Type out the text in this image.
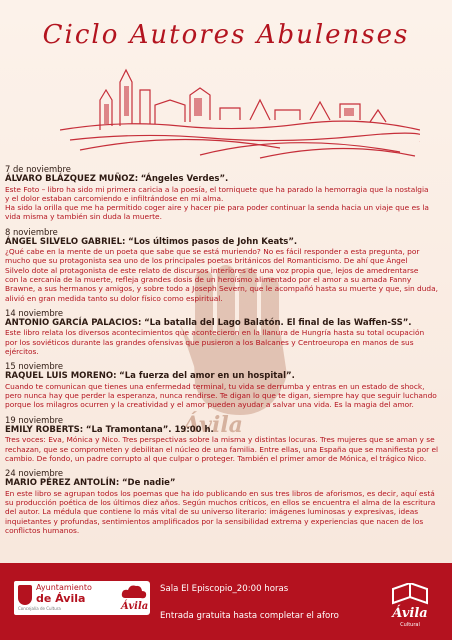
Ciclo Autores Abulenses
Ávila
7 de noviembre
ÁLVARO BLÁZQUEZ MUÑOZ: “Ángeles Verdes”.
Este Foto – libro ha sido mi primera caricia a la poesía, el torniquete que ha parado la hemorragia que la nostalgia
y el dolor estaban carcomiendo e infiltrándose en mi alma.
Ha sido la orilla que me ha permitido coger aire y hacer pie para poder continuar la senda hacia un viaje que es la
vida misma y también sin duda la muerte.
8 noviembre
ÁNGEL SILVELO GABRIEL: “Los últimos pasos de John Keats”.
¿Qué cabe en la mente de un poeta que sabe que se está muriendo? No es fácil responder a esta pregunta, por
mucho que su protagonista sea uno de los principales poetas británicos del Romanticismo. De ahí que Ángel
Silvelo dote al protagonista de este relato de discursos interiores de una voz propia que, lejos de amedrentarse
con la cercanía de la muerte, refleja grandes dosis de un heroísmo alimentado por el amor a su amada Fanny
Brawne, a sus hermanos y amigos, y sobre todo a Joseph Severn, que le acompañó hasta su muerte y que, sin duda,
alivió en gran medida tanto su dolor físico como espiritual.
14 noviembre
ANTONIO GARCÍA PALACIOS: “La batalla del Lago Balatón. El final de las Waffen-SS”.
Este libro relata los diversos acontecimientos que acontecieron en la llanura de Hungría hasta su total ocupación
por los soviéticos durante las grandes ofensivas que pusieron a los Balcanes y Centroeuropa en manos de sus
ejércitos.
15 noviembre
RAQUEL LUIS MORENO: “La fuerza del amor en un hospital”.
Cuando te comunican que tienes una enfermedad terminal, tu vida se derrumba y entras en un estado de shock,
pero nunca hay que perder la esperanza, nunca rendirse. Te digan lo que te digan, siempre hay que seguir luchando
porque los milagros ocurren y la creatividad y el amor pueden ayudar a salvar una vida. Es la magia del amor.
19 noviembre
EMILY ROBERTS: “La Tramontana”. 19:00 h.
Tres voces: Eva, Mónica y Nico. Tres perspectivas sobre la misma y distintas locuras. Tres mujeres que se aman y se
rechazan, que se comprometen y debilitan el núcleo de una familia. Entre ellas, una España que se manifiesta por el
cambio. De fondo, un padre corrupto al que culpar o proteger. También el primer amor de Mónica, el trágico Nico.
24 noviembre
MARIO PÉREZ ANTOLÍN: “De nadie”
En este libro se agrupan todos los poemas que ha ido publicando en sus tres libros de aforismos, es decir, aquí está
su producción poética de los últimos diez años. Según muchos críticos, en ellos se encuentra el alma de la escritura
del autor. La médula que contiene lo más vital de su universo literario: imágenes luminosas y expresivas, ideas
inquietantes y profundas, sentimientos amplificados por la sensibilidad extrema y experiencias que nacen de los
conflictos humanos.
Ayuntamiento
de Ávila
Concejalía de Cultura	Ávila
Sala El Episcopio_20:00 horas
Entrada gratuita hasta completar el aforo	Ávila
Cultural
